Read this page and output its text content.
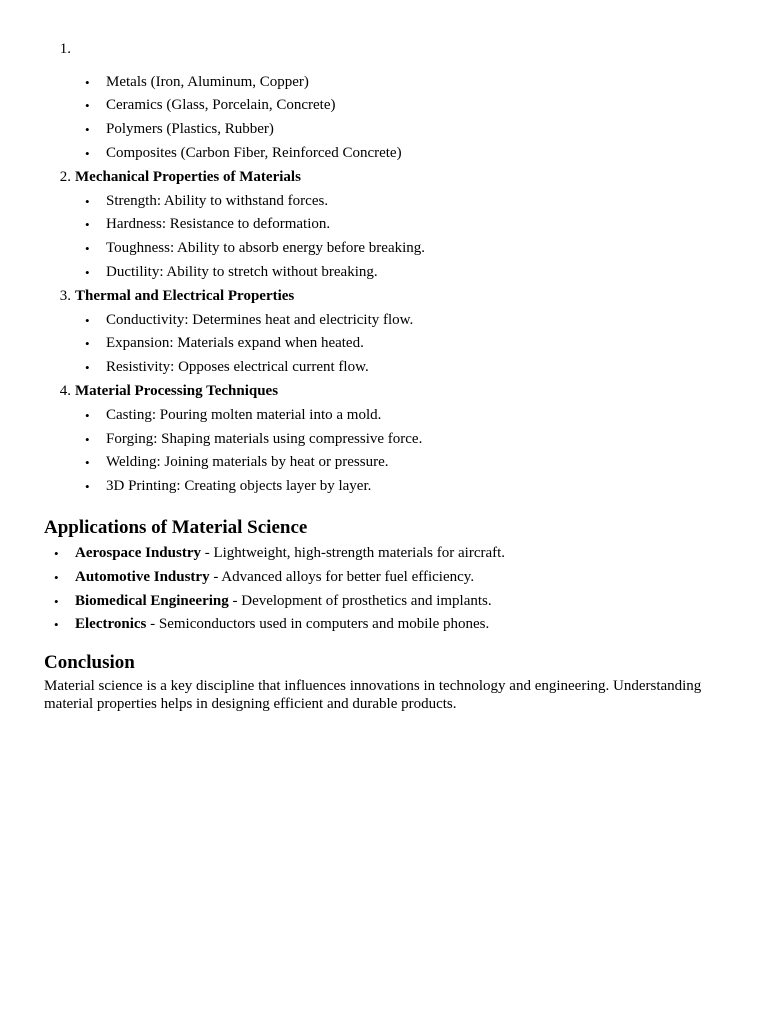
1.
• Metals (Iron, Aluminum, Copper)
• Ceramics (Glass, Porcelain, Concrete)
• Polymers (Plastics, Rubber)
• Composites (Carbon Fiber, Reinforced Concrete)
2. Mechanical Properties of Materials
• Strength: Ability to withstand forces.
• Hardness: Resistance to deformation.
• Toughness: Ability to absorb energy before breaking.
• Ductility: Ability to stretch without breaking.
3. Thermal and Electrical Properties
• Conductivity: Determines heat and electricity flow.
• Expansion: Materials expand when heated.
• Resistivity: Opposes electrical current flow.
4. Material Processing Techniques
• Casting: Pouring molten material into a mold.
• Forging: Shaping materials using compressive force.
• Welding: Joining materials by heat or pressure.
• 3D Printing: Creating objects layer by layer.
Applications of Material Science
• Aerospace Industry - Lightweight, high-strength materials for aircraft.
• Automotive Industry - Advanced alloys for better fuel efficiency.
• Biomedical Engineering - Development of prosthetics and implants.
• Electronics - Semiconductors used in computers and mobile phones.
Conclusion

Material science is a key discipline that influences innovations in technology and engineering. Understanding material properties helps in designing efficient and durable products.
